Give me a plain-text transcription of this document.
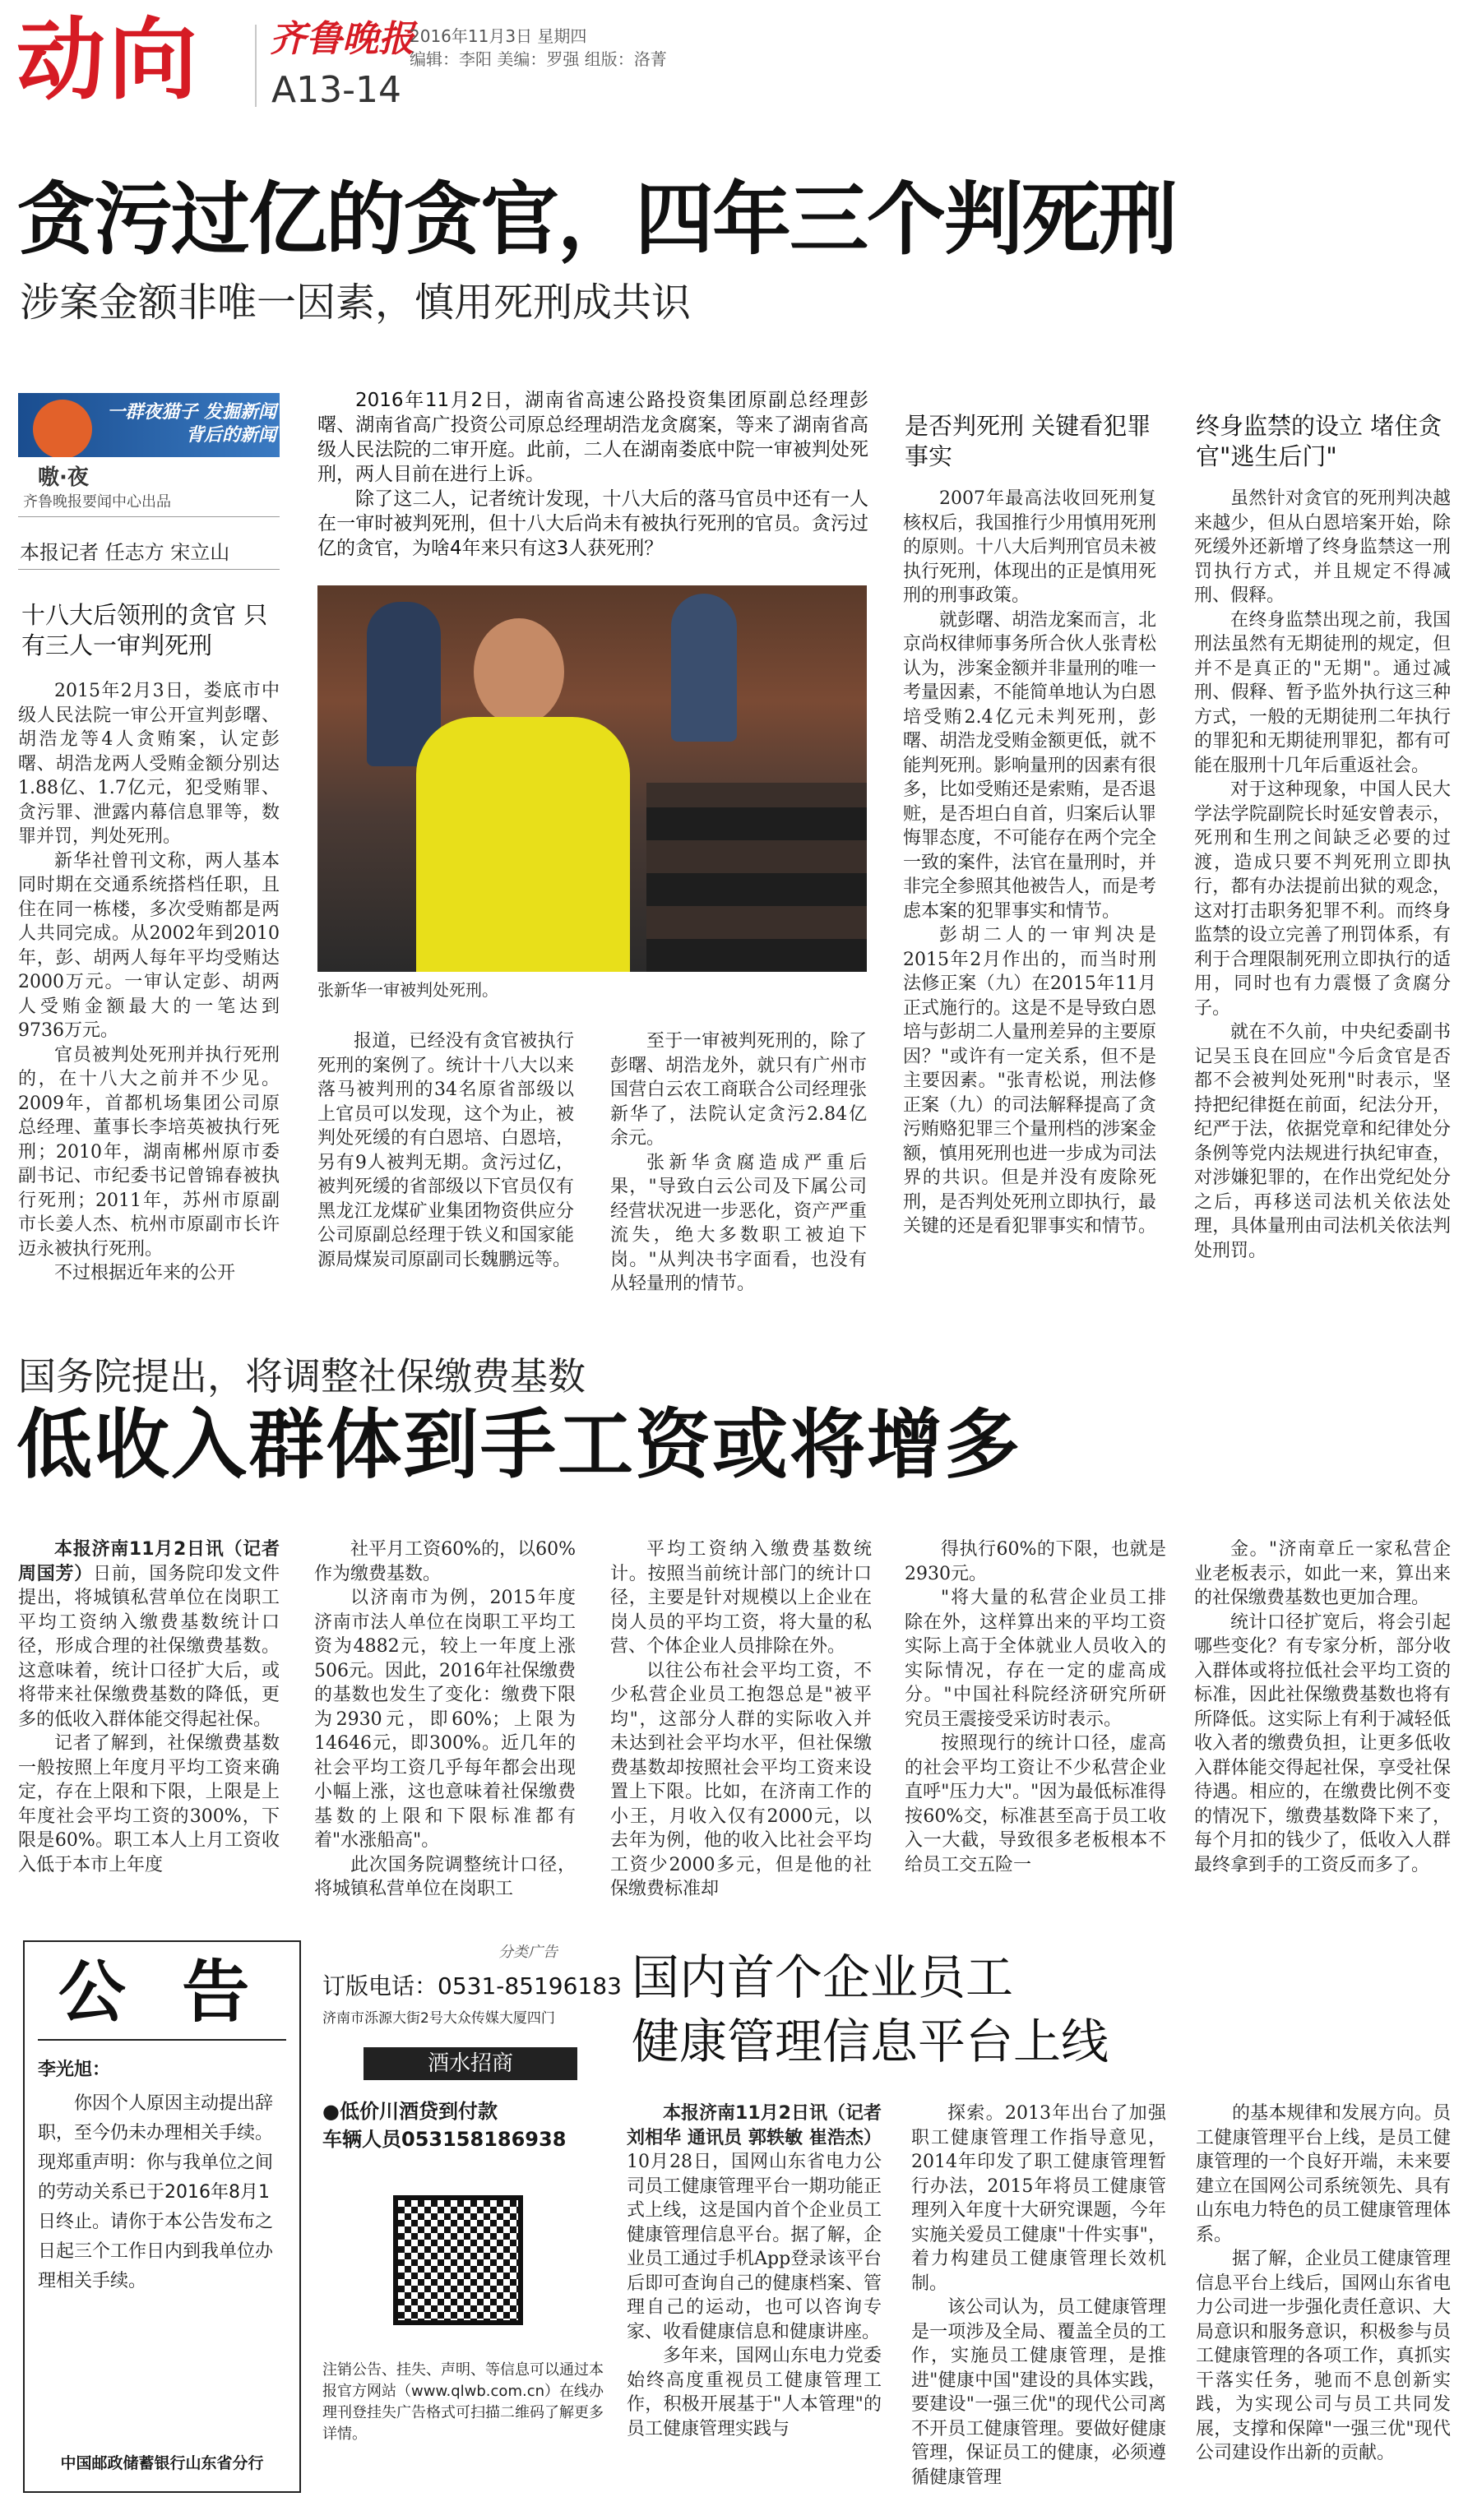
动向 齐鲁晚报
2016年11月3日 星期四
编辑：李阳 美编：罗强 组版：洛菁
A13-14
贪污过亿的贪官，四年三个判死刑
涉案金额非唯一因素，慎用死刑成共识
一群夜猫子 发掘新闻背后的新闻
嗷·夜
齐鲁晚报要闻中心出品
本报记者 任志方 宋立山
十八大后领刑的贪官 只有三人一审判死刑

2015年2月3日，娄底市中级人民法院一审公开宣判彭曙、胡浩龙等4人贪贿案，认定彭曙、胡浩龙两人受贿金额分别达1.88亿、1.7亿元，犯受贿罪、贪污罪、泄露内幕信息罪等，数罪并罚，判处死刑。

新华社曾刊文称，两人基本同时期在交通系统搭档任职，且住在同一栋楼，多次受贿都是两人共同完成。从2002年到2010年，彭、胡两人每年平均受贿达2000万元。一审认定彭、胡两人受贿金额最大的一笔达到9736万元。

官员被判处死刑并执行死刑的，在十八大之前并不少见。2009年，首都机场集团公司原总经理、董事长李培英被执行死刑；2010年，湖南郴州原市委副书记、市纪委书记曾锦春被执行死刑；2011年，苏州市原副市长姜人杰、杭州市原副市长许迈永被执行死刑。

不过根据近年来的公开

2016年11月2日，湖南省高速公路投资集团原副总经理彭曙、湖南省高广投资公司原总经理胡浩龙贪腐案，等来了湖南省高级人民法院的二审开庭。此前，二人在湖南娄底中院一审被判处死刑，两人目前在进行上诉。

除了这二人，记者统计发现，十八大后的落马官员中还有一人在一审时被判死刑，但十八大后尚未有被执行死刑的官员。贪污过亿的贪官，为啥4年来只有这3人获死刑？

张新华一审被判处死刑。

报道，已经没有贪官被执行死刑的案例了。统计十八大以来落马被判刑的34名原省部级以上官员可以发现，这个为止，被判处死缓的有白恩培、白恩培，另有9人被判无期。贪污过亿，被判死缓的省部级以下官员仅有黑龙江龙煤矿业集团物资供应分公司原副总经理于铁义和国家能源局煤炭司原副司长魏鹏远等。

至于一审被判死刑的，除了彭曙、胡浩龙外，就只有广州市国营白云农工商联合公司经理张新华了，法院认定贪污2.84亿余元。

张新华贪腐造成严重后果，"导致白云公司及下属公司经营状况进一步恶化，资产严重流失，绝大多数职工被迫下岗。"从判决书字面看，也没有从轻量刑的情节。

是否判死刑 关键看犯罪事实

2007年最高法收回死刑复核权后，我国推行少用慎用死刑的原则。十八大后判刑官员未被执行死刑，体现出的正是慎用死刑的刑事政策。

就彭曙、胡浩龙案而言，北京尚权律师事务所合伙人张青松认为，涉案金额并非量刑的唯一考量因素，不能简单地认为白恩培受贿2.4亿元未判死刑，彭曙、胡浩龙受贿金额更低，就不能判死刑。影响量刑的因素有很多，比如受贿还是索贿，是否退赃，是否坦白自首，归案后认罪悔罪态度，不可能存在两个完全一致的案件，法官在量刑时，并非完全参照其他被告人，而是考虑本案的犯罪事实和情节。

彭胡二人的一审判决是2015年2月作出的，而当时刑法修正案（九）在2015年11月正式施行的。这是不是导致白恩培与彭胡二人量刑差异的主要原因？"或许有一定关系，但不是主要因素。"张青松说，刑法修正案（九）的司法解释提高了贪污贿赂犯罪三个量刑档的涉案金额，慎用死刑也进一步成为司法界的共识。但是并没有废除死刑，是否判处死刑立即执行，最关键的还是看犯罪事实和情节。

终身监禁的设立 堵住贪官"逃生后门"

虽然针对贪官的死刑判决越来越少，但从白恩培案开始，除死缓外还新增了终身监禁这一刑罚执行方式，并且规定不得减刑、假释。

在终身监禁出现之前，我国刑法虽然有无期徒刑的规定，但并不是真正的"无期"。通过减刑、假释、暂予监外执行这三种方式，一般的无期徒刑二年执行的罪犯和无期徒刑罪犯，都有可能在服刑十几年后重返社会。

对于这种现象，中国人民大学法学院副院长时延安曾表示，死刑和生刑之间缺乏必要的过渡，造成只要不判死刑立即执行，都有办法提前出狱的观念，这对打击职务犯罪不利。而终身监禁的设立完善了刑罚体系，有利于合理限制死刑立即执行的适用，同时也有力震慑了贪腐分子。

就在不久前，中央纪委副书记吴玉良在回应"今后贪官是否都不会被判处死刑"时表示，坚持把纪律挺在前面，纪法分开，纪严于法，依据党章和纪律处分条例等党内法规进行执纪审查，对涉嫌犯罪的，在作出党纪处分之后，再移送司法机关依法处理，具体量刑由司法机关依法判处刑罚。

国务院提出，将调整社保缴费基数
低收入群体到手工资或将增多

本报济南11月2日讯（记者 周国芳）日前，国务院印发文件提出，将城镇私营单位在岗职工平均工资纳入缴费基数统计口径，形成合理的社保缴费基数。这意味着，统计口径扩大后，或将带来社保缴费基数的降低，更多的低收入群体能交得起社保。

记者了解到，社保缴费基数一般按照上年度月平均工资来确定，存在上限和下限，上限是上年度社会平均工资的300%，下限是60%。职工本人上月工资收入低于本市上年度

社平月工资60%的，以60%作为缴费基数。

以济南市为例，2015年度济南市法人单位在岗职工平均工资为4882元，较上一年度上涨506元。因此，2016年社保缴费的基数也发生了变化：缴费下限为2930元，即60%；上限为14646元，即300%。近几年的社会平均工资几乎每年都会出现小幅上涨，这也意味着社保缴费基数的上限和下限标准都有着"水涨船高"。

此次国务院调整统计口径，将城镇私营单位在岗职工

平均工资纳入缴费基数统计。按照当前统计部门的统计口径，主要是针对规模以上企业在岗人员的平均工资，将大量的私营、个体企业人员排除在外。

以往公布社会平均工资，不少私营企业员工抱怨总是"被平均"，这部分人群的实际收入并未达到社会平均水平，但社保缴费基数却按照社会平均工资来设置上下限。比如，在济南工作的小王，月收入仅有2000元，以去年为例，他的收入比社会平均工资少2000多元，但是他的社保缴费标准却

得执行60%的下限，也就是2930元。

"将大量的私营企业员工排除在外，这样算出来的平均工资实际上高于全体就业人员收入的实际情况，存在一定的虚高成分。"中国社科院经济研究所研究员王震接受采访时表示。

按照现行的统计口径，虚高的社会平均工资让不少私营企业直呼"压力大"。"因为最低标准得按60%交，标准甚至高于员工收入一大截，导致很多老板根本不给员工交五险一

金。"济南章丘一家私营企业老板表示，如此一来，算出来的社保缴费基数也更加合理。

统计口径扩宽后，将会引起哪些变化？有专家分析，部分收入群体或将拉低社会平均工资的标准，因此社保缴费基数也将有所降低。这实际上有利于减轻低收入者的缴费负担，让更多低收入群体能交得起社保，享受社保待遇。相应的，在缴费比例不变的情况下，缴费基数降下来了，每个月扣的钱少了，低收入人群最终拿到手的工资反而多了。

公 告
李光旭：
你因个人原因主动提出辞职，至今仍未办理相关手续。现郑重声明：你与我单位之间的劳动关系已于2016年8月1日终止。请你于本公告发布之日起三个工作日内到我单位办理相关手续。
中国邮政储蓄银行山东省分行
分类广告
订版电话：0531-85196183
济南市泺源大街2号大众传媒大厦四门
酒水招商
●低价川酒贷到付款
车辆人员053158186938
注销公告、挂失、声明、等信息可以通过本报官方网站（www.qlwb.com.cn）在线办理刊登挂失广告格式可扫描二维码了解更多详情。
国内首个企业员工
健康管理信息平台上线

本报济南11月2日讯（记者 刘相华 通讯员 郭轶敏 崔浩杰）10月28日，国网山东省电力公司员工健康管理平台一期功能正式上线，这是国内首个企业员工健康管理信息平台。据了解，企业员工通过手机App登录该平台后即可查询自己的健康档案、管理自己的运动，也可以咨询专家、收看健康信息和健康讲座。

多年来，国网山东电力党委始终高度重视员工健康管理工作，积极开展基于"人本管理"的员工健康管理实践与

探索。2013年出台了加强职工健康管理工作指导意见，2014年印发了职工健康管理暂行办法，2015年将员工健康管理列入年度十大研究课题，今年实施关爱员工健康"十件实事"，着力构建员工健康管理长效机制。

该公司认为，员工健康管理是一项涉及全局、覆盖全员的工作，实施员工健康管理，是推进"健康中国"建设的具体实践，要建设"一强三优"的现代公司离不开员工健康管理。要做好健康管理，保证员工的健康，必须遵循健康管理

的基本规律和发展方向。员工健康管理平台上线，是员工健康管理的一个良好开端，未来要建立在国网公司系统领先、具有山东电力特色的员工健康管理体系。

据了解，企业员工健康管理信息平台上线后，国网山东省电力公司进一步强化责任意识、大局意识和服务意识，积极参与员工健康管理的各项工作，真抓实干落实任务，驰而不息创新实践，为实现公司与员工共同发展，支撑和保障"一强三优"现代公司建设作出新的贡献。
